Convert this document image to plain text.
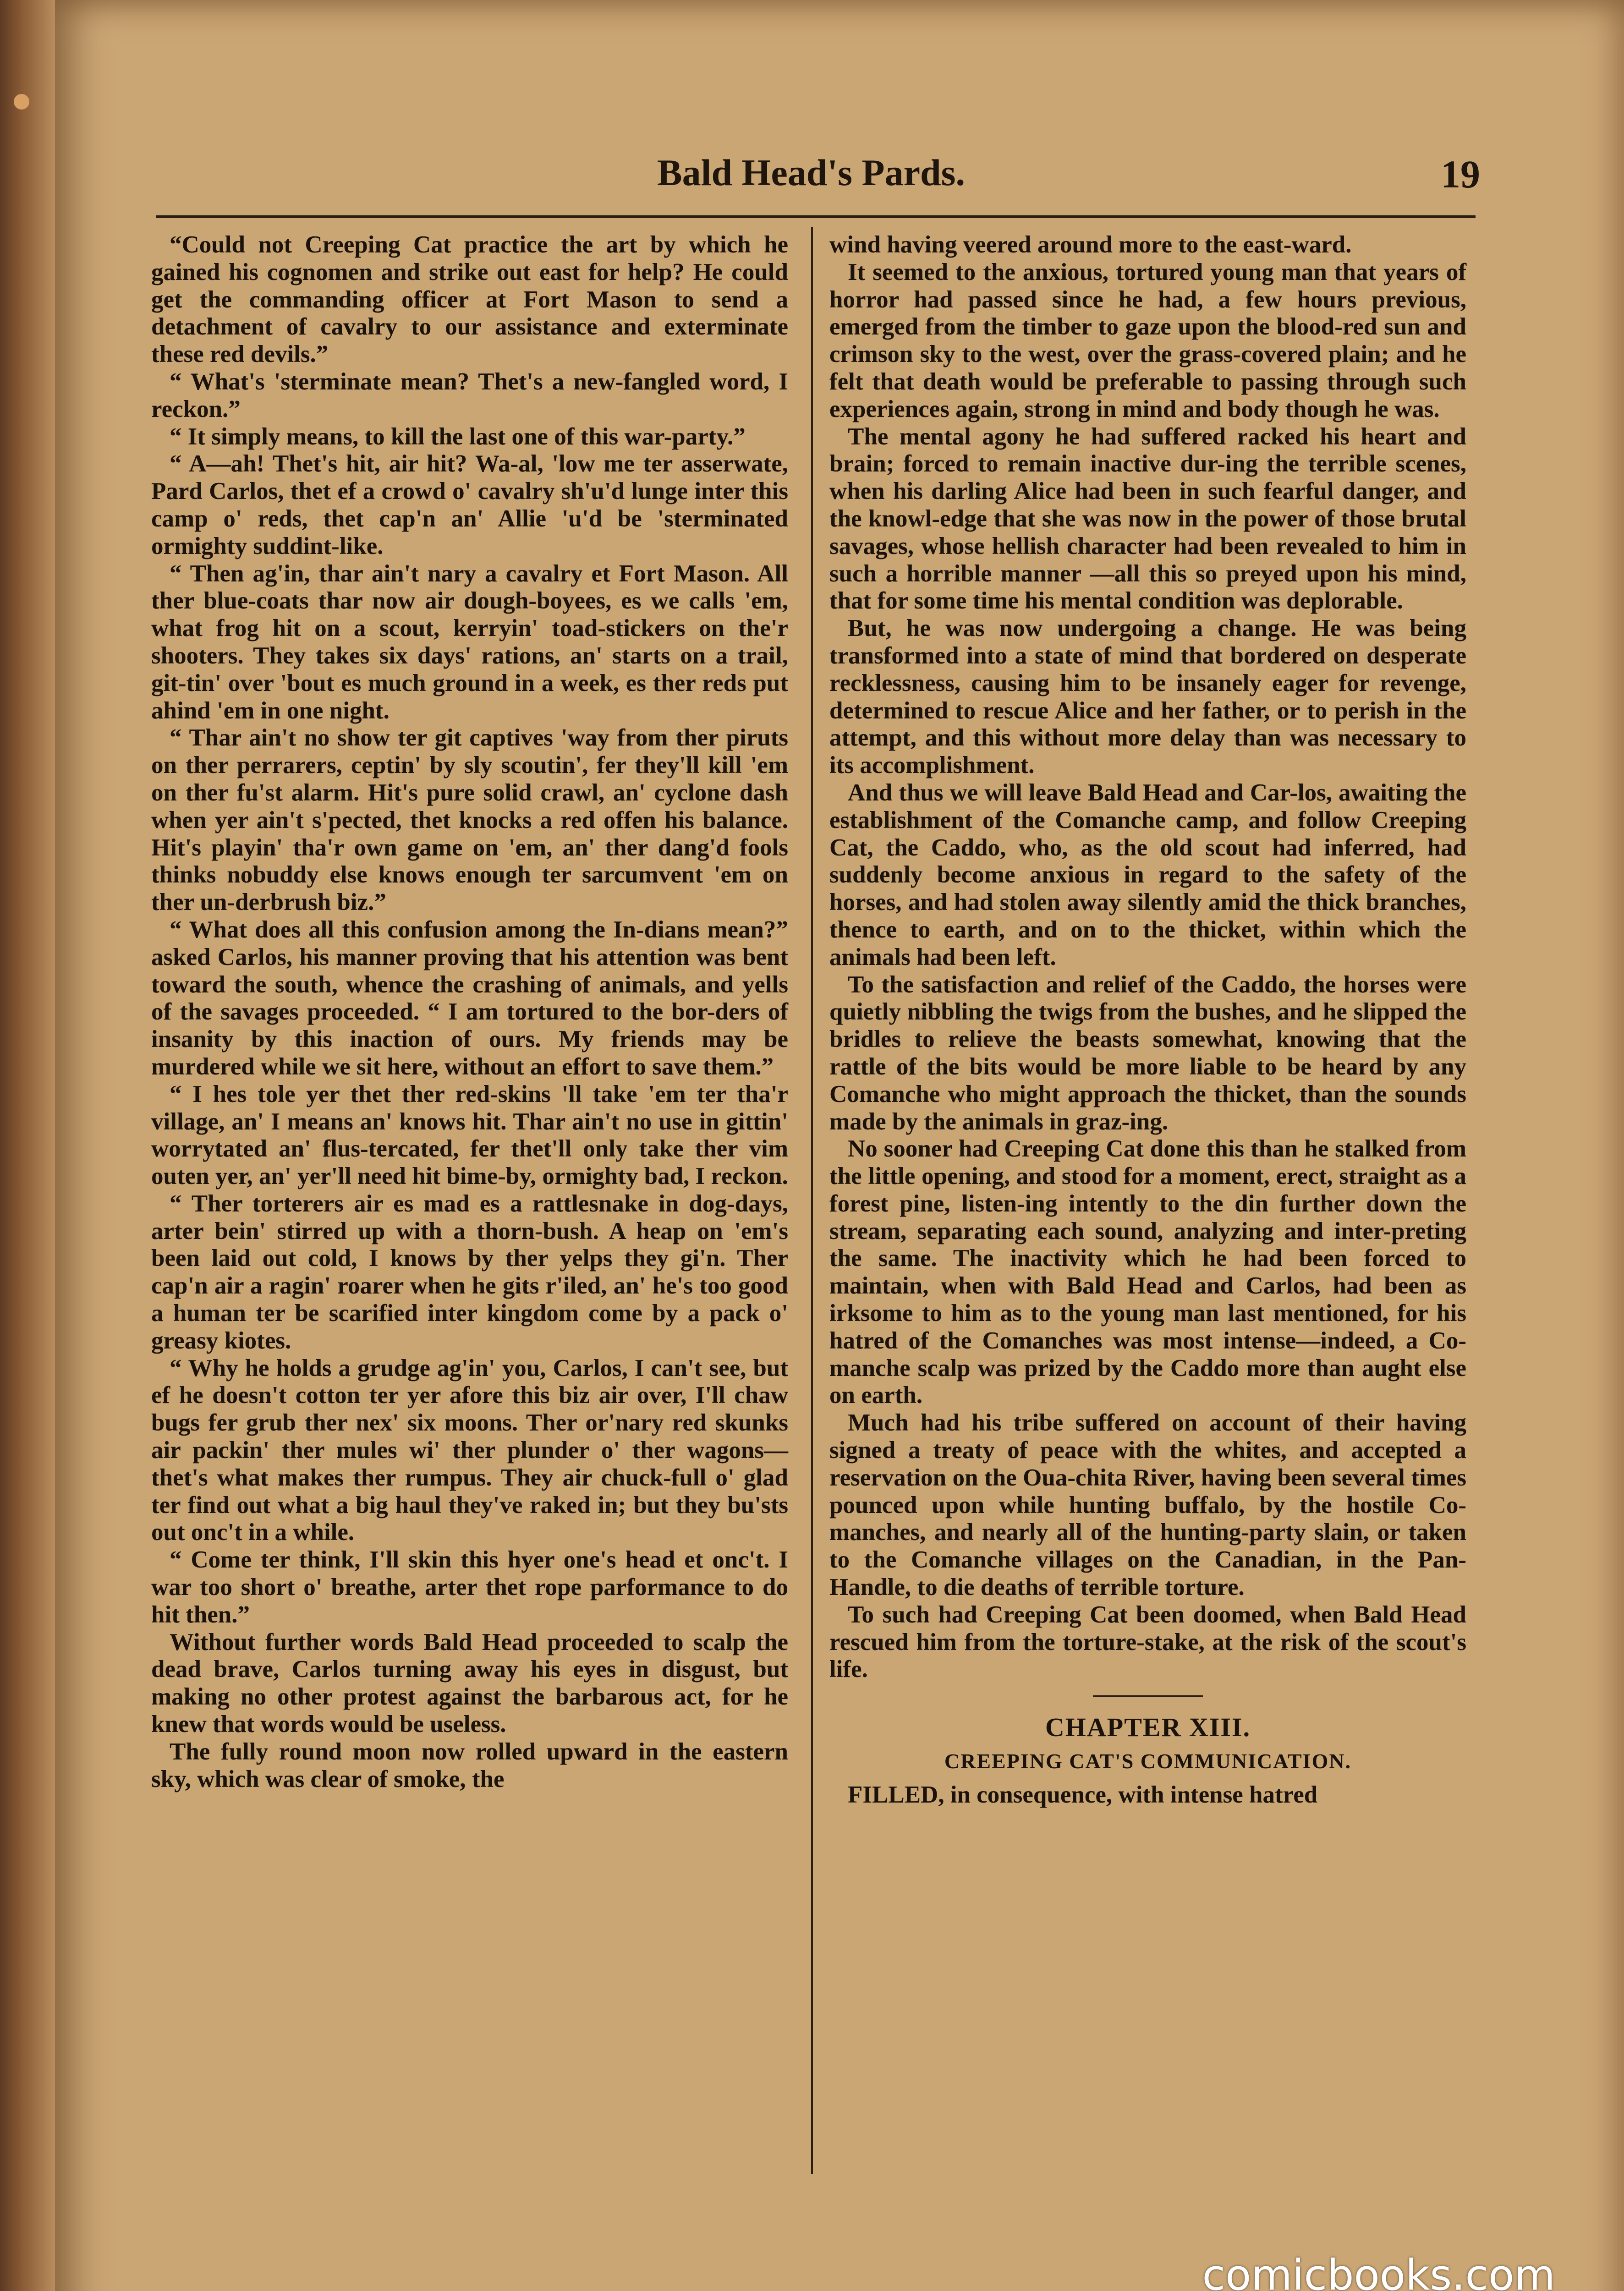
Bald Head's Pards.	19

“Could not Creeping Cat practice the art by which he gained his cognomen and strike out east for help? He could get the commanding officer at Fort Mason to send a detachment of cavalry to our assistance and exterminate these red devils.”

“ What's 'sterminate mean? Thet's a new-fangled word, I reckon.”

“ It simply means, to kill the last one of this war-party.”

“ A—ah! Thet's hit, air hit? Wa-al, 'low me ter asserwate, Pard Carlos, thet ef a crowd o' cavalry sh'u'd lunge inter this camp o' reds, thet cap'n an' Allie 'u'd be 'sterminated ormighty suddint-like.

“ Then ag'in, thar ain't nary a cavalry et Fort Mason. All ther blue-coats thar now air dough-boyees, es we calls 'em, what frog hit on a scout, kerryin' toad-stickers on the'r shooters. They takes six days' rations, an' starts on a trail, git-tin' over 'bout es much ground in a week, es ther reds put ahind 'em in one night.

“ Thar ain't no show ter git captives 'way from ther piruts on ther perrarers, ceptin' by sly scoutin', fer they'll kill 'em on ther fu'st alarm. Hit's pure solid crawl, an' cyclone dash when yer ain't s'pected, thet knocks a red offen his balance. Hit's playin' tha'r own game on 'em, an' ther dang'd fools thinks nobuddy else knows enough ter sarcumvent 'em on ther un-derbrush biz.”

“ What does all this confusion among the In-dians mean?” asked Carlos, his manner proving that his attention was bent toward the south, whence the crashing of animals, and yells of the savages proceeded. “ I am tortured to the bor-ders of insanity by this inaction of ours. My friends may be murdered while we sit here, without an effort to save them.”

“ I hes tole yer thet ther red-skins 'll take 'em ter tha'r village, an' I means an' knows hit. Thar ain't no use in gittin' worrytated an' flus-tercated, fer thet'll only take ther vim outen yer, an' yer'll need hit bime-by, ormighty bad, I reckon.

“ Ther torterers air es mad es a rattlesnake in dog-days, arter bein' stirred up with a thorn-bush. A heap on 'em's been laid out cold, I knows by ther yelps they gi'n. Ther cap'n air a ragin' roarer when he gits r'iled, an' he's too good a human ter be scarified inter kingdom come by a pack o' greasy kiotes.

“ Why he holds a grudge ag'in' you, Carlos, I can't see, but ef he doesn't cotton ter yer afore this biz air over, I'll chaw bugs fer grub ther nex' six moons. Ther or'nary red skunks air packin' ther mules wi' ther plunder o' ther wagons—thet's what makes ther rumpus. They air chuck-full o' glad ter find out what a big haul they've raked in; but they bu'sts out onc't in a while.

“ Come ter think, I'll skin this hyer one's head et onc't. I war too short o' breathe, arter thet rope parformance to do hit then.”

Without further words Bald Head proceeded to scalp the dead brave, Carlos turning away his eyes in disgust, but making no other protest against the barbarous act, for he knew that words would be useless.

The fully round moon now rolled upward in the eastern sky, which was clear of smoke, the

wind having veered around more to the east-ward.

It seemed to the anxious, tortured young man that years of horror had passed since he had, a few hours previous, emerged from the timber to gaze upon the blood-red sun and crimson sky to the west, over the grass-covered plain; and he felt that death would be preferable to passing through such experiences again, strong in mind and body though he was.

The mental agony he had suffered racked his heart and brain; forced to remain inactive dur-ing the terrible scenes, when his darling Alice had been in such fearful danger, and the knowl-edge that she was now in the power of those brutal savages, whose hellish character had been revealed to him in such a horrible manner —all this so preyed upon his mind, that for some time his mental condition was deplorable.

But, he was now undergoing a change. He was being transformed into a state of mind that bordered on desperate recklessness, causing him to be insanely eager for revenge, determined to rescue Alice and her father, or to perish in the attempt, and this without more delay than was necessary to its accomplishment.

And thus we will leave Bald Head and Car-los, awaiting the establishment of the Comanche camp, and follow Creeping Cat, the Caddo, who, as the old scout had inferred, had suddenly become anxious in regard to the safety of the horses, and had stolen away silently amid the thick branches, thence to earth, and on to the thicket, within which the animals had been left.

To the satisfaction and relief of the Caddo, the horses were quietly nibbling the twigs from the bushes, and he slipped the bridles to relieve the beasts somewhat, knowing that the rattle of the bits would be more liable to be heard by any Comanche who might approach the thicket, than the sounds made by the animals in graz-ing.

No sooner had Creeping Cat done this than he stalked from the little opening, and stood for a moment, erect, straight as a forest pine, listen-ing intently to the din further down the stream, separating each sound, analyzing and inter-preting the same. The inactivity which he had been forced to maintain, when with Bald Head and Carlos, had been as irksome to him as to the young man last mentioned, for his hatred of the Comanches was most intense—indeed, a Co-manche scalp was prized by the Caddo more than aught else on earth.

Much had his tribe suffered on account of their having signed a treaty of peace with the whites, and accepted a reservation on the Oua-chita River, having been several times pounced upon while hunting buffalo, by the hostile Co-manches, and nearly all of the hunting-party slain, or taken to the Comanche villages on the Canadian, in the Pan-Handle, to die deaths of terrible torture.

To such had Creeping Cat been doomed, when Bald Head rescued him from the torture-stake, at the risk of the scout's life.

CHAPTER XIII.

CREEPING CAT'S COMMUNICATION.

FILLED, in consequence, with intense hatred

comicbooks.com
